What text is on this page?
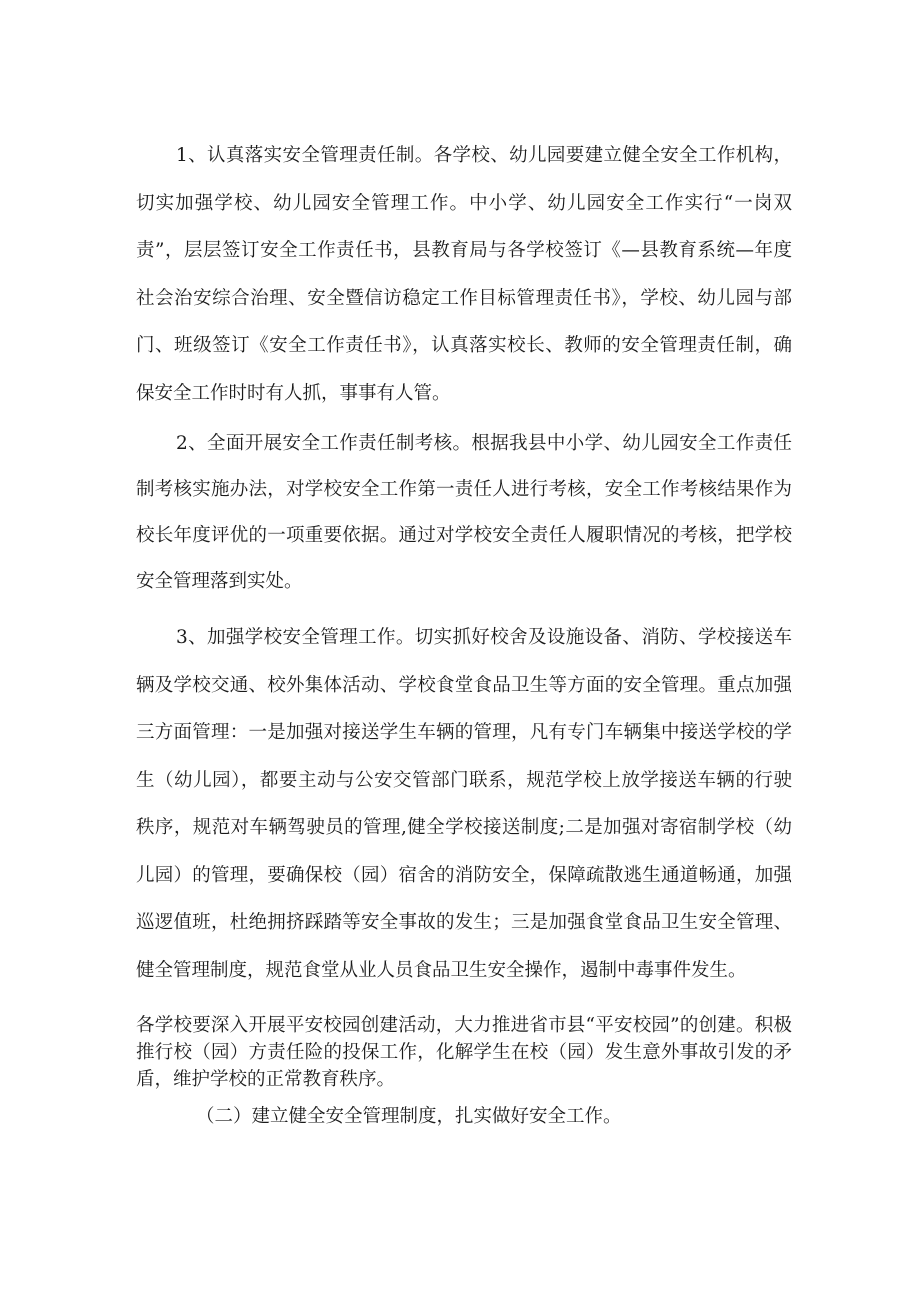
1、认真落实安全管理责任制。各学校、幼儿园要建立健全安全工作机构，切实加强学校、幼儿园安全管理工作。中小学、幼儿园安全工作实行“一岗双责”，层层签订安全工作责任书，县教育局与各学校签订《—县教育系统—年度社会治安综合治理、安全暨信访稳定工作目标管理责任书》，学校、幼儿园与部门、班级签订《安全工作责任书》，认真落实校长、教师的安全管理责任制，确保安全工作时时有人抓，事事有人管。

2、全面开展安全工作责任制考核。根据我县中小学、幼儿园安全工作责任制考核实施办法，对学校安全工作第一责任人进行考核，安全工作考核结果作为校长年度评优的一项重要依据。通过对学校安全责任人履职情况的考核，把学校安全管理落到实处。

3、加强学校安全管理工作。切实抓好校舍及设施设备、消防、学校接送车辆及学校交通、校外集体活动、学校食堂食品卫生等方面的安全管理。重点加强三方面管理：一是加强对接送学生车辆的管理，凡有专门车辆集中接送学校的学生（幼儿园），都要主动与公安交管部门联系，规范学校上放学接送车辆的行驶秩序，规范对车辆驾驶员的管理,健全学校接送制度;二是加强对寄宿制学校（幼儿园）的管理，要确保校（园）宿舍的消防安全，保障疏散逃生通道畅通，加强巡逻值班，杜绝拥挤踩踏等安全事故的发生；三是加强食堂食品卫生安全管理、健全管理制度，规范食堂从业人员食品卫生安全操作，遏制中毒事件发生。

各学校要深入开展平安校园创建活动，大力推进省市县“平安校园”的创建。积极推行校（园）方责任险的投保工作，化解学生在校（园）发生意外事故引发的矛盾，维护学校的正常教育秩序。

（二）建立健全安全管理制度，扎实做好安全工作。
